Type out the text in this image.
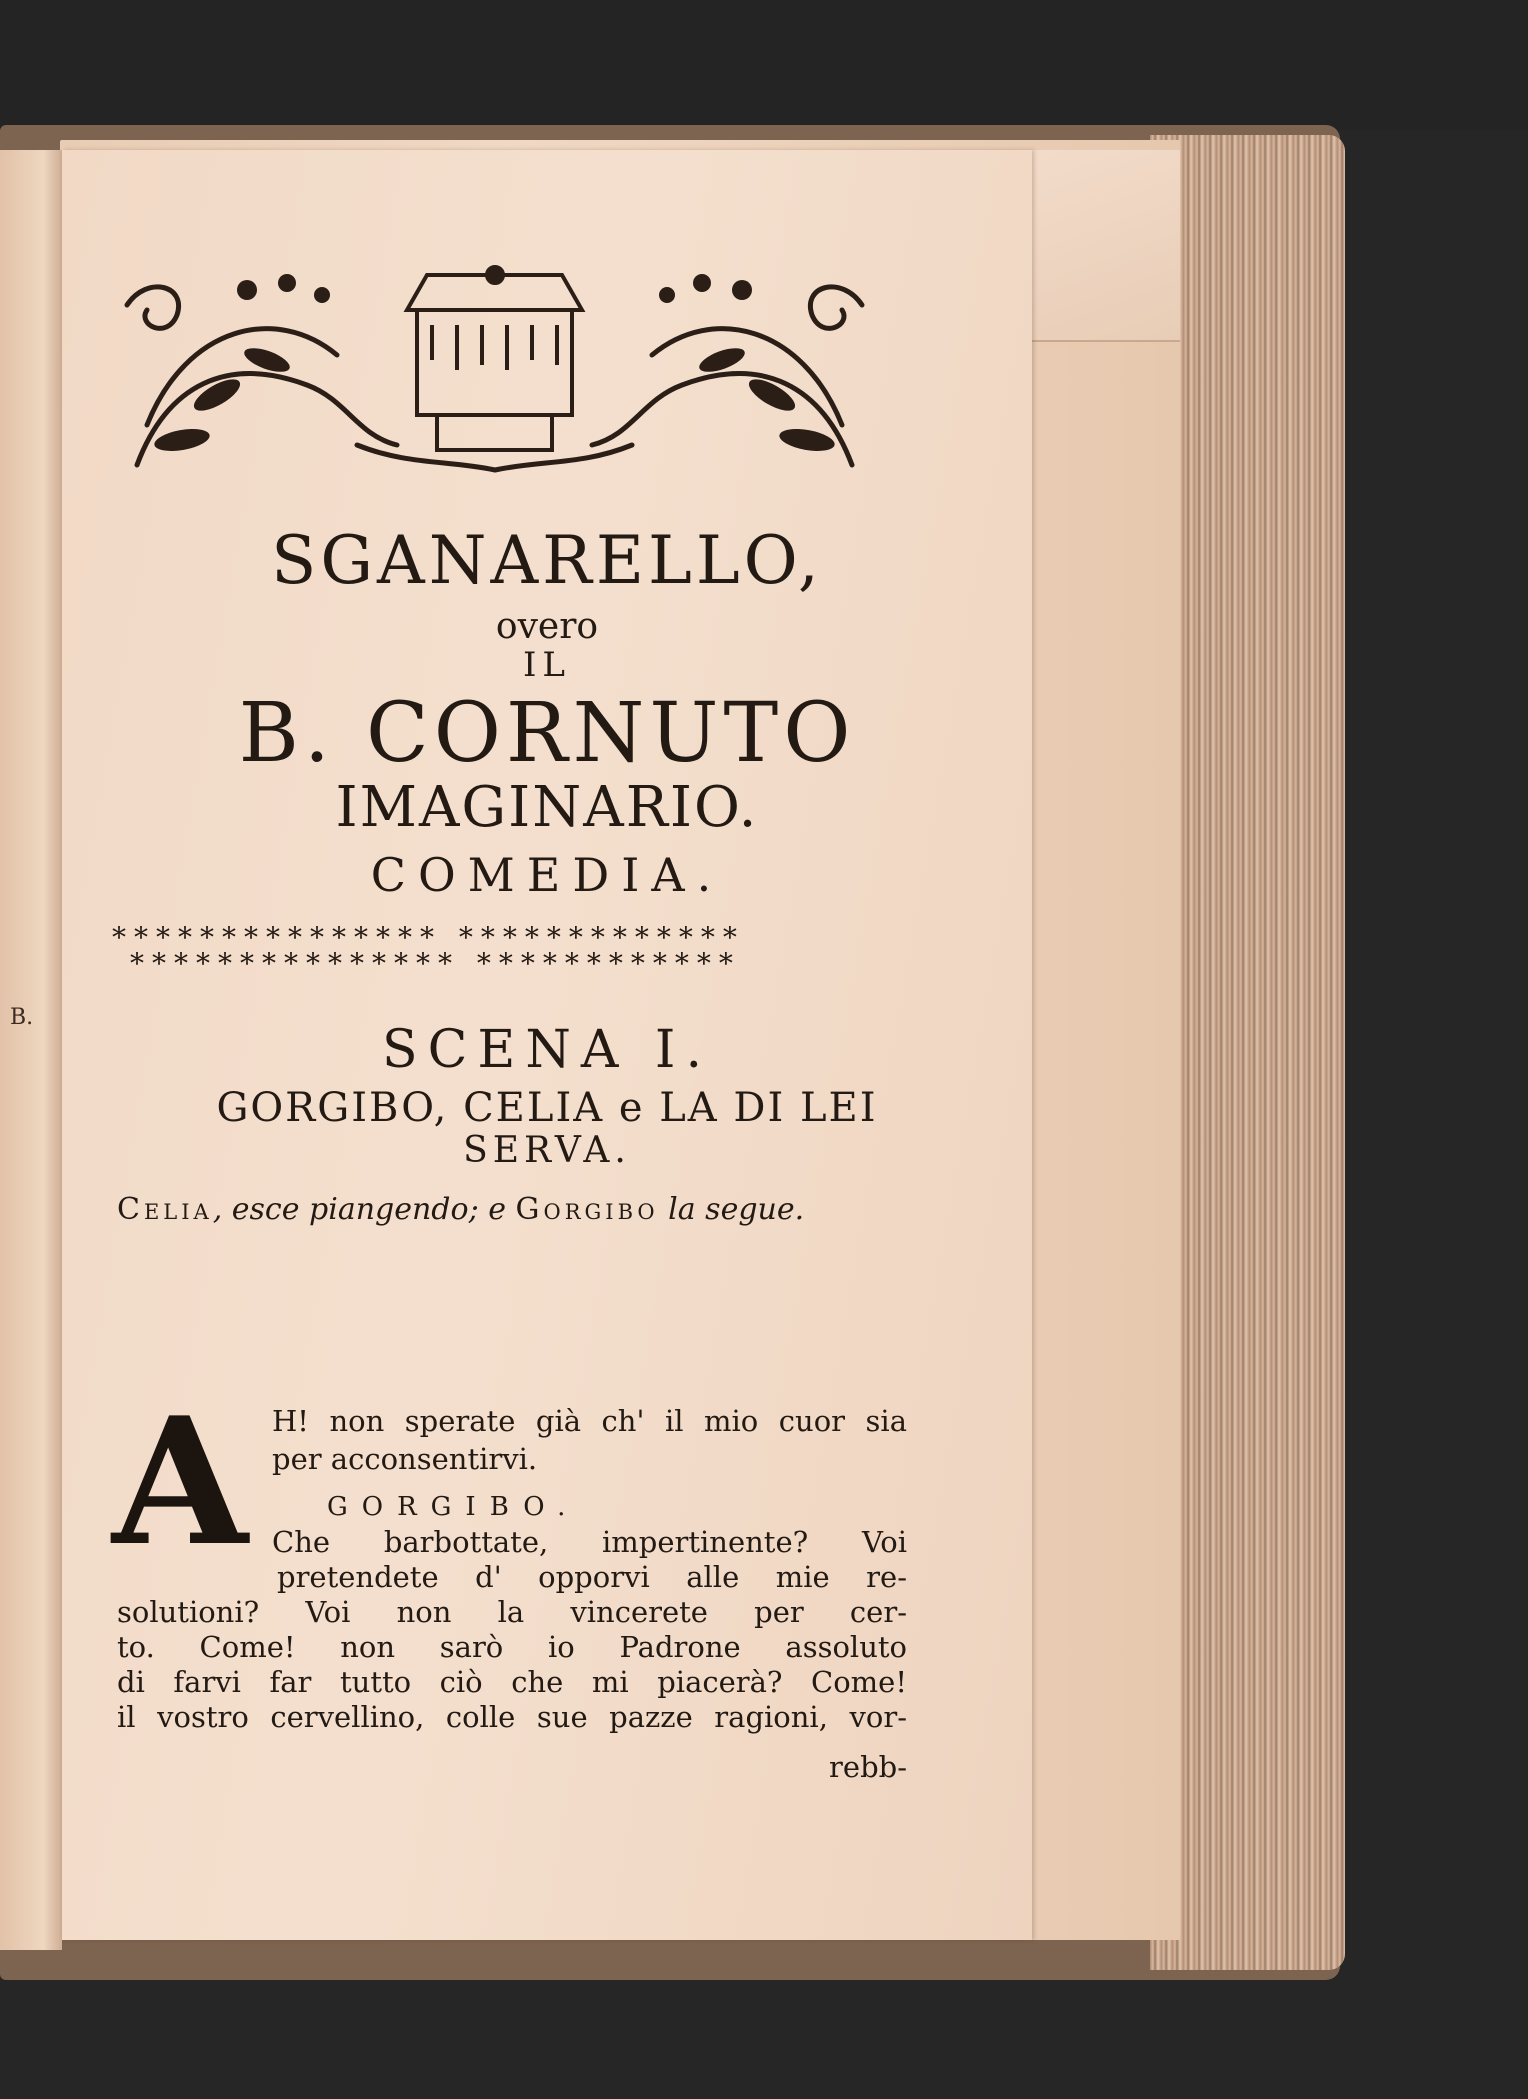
B.
SGANARELLO,
overo
IL
B. CORNUTO
IMAGINARIO.
COMEDIA.
*************** *************
*************** ************
SCENA I.
GORGIBO, CELIA e LA DI LEI
SERVA.
Celia, esce piangendo; e Gorgibo la segue.
A H! non sperate già ch' il mio cuor sia
per acconsentirvi.
GORGIBO.
Che barbottate, impertinente? Voi
pretendete d' opporvi alle mie re-
solutioni? Voi non la vincerete per cer-
to. Come! non sarò io Padrone assoluto
di farvi far tutto ciò che mi piacerà? Come!
il vostro cervellino, colle sue pazze ragioni, vor-
rebb-
